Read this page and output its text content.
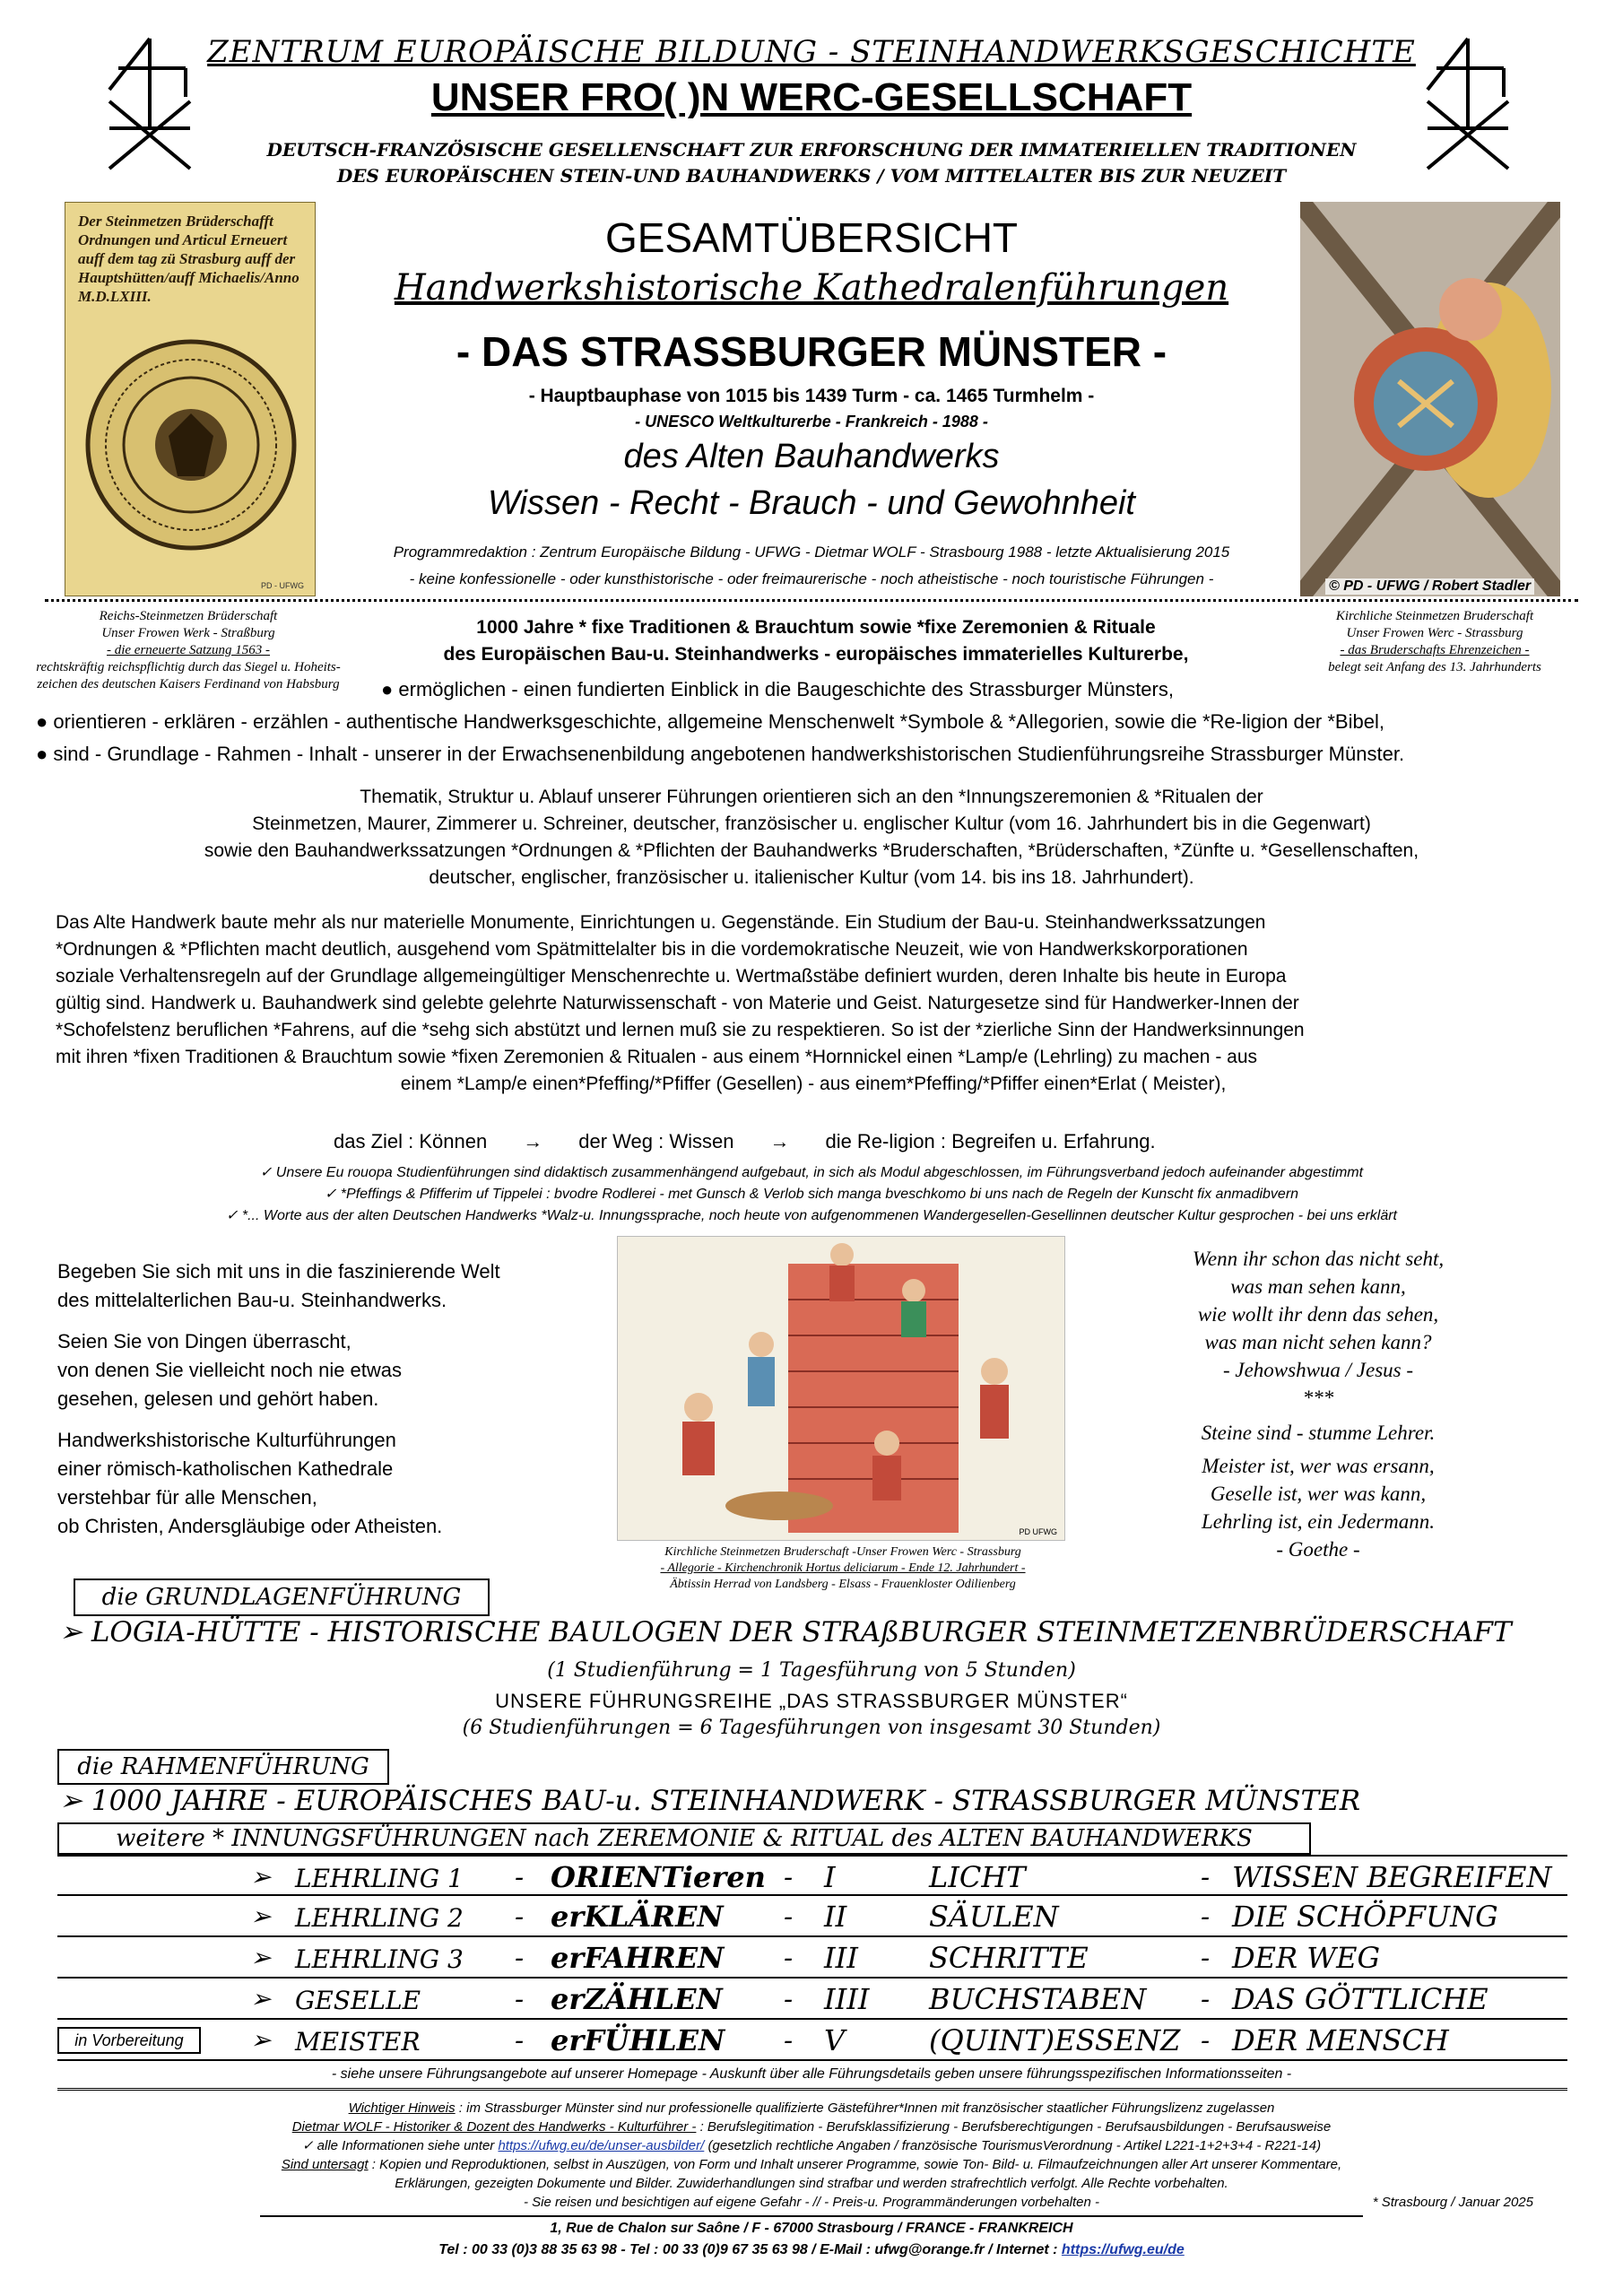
ZENTRUM EUROPÄISCHE BILDUNG - STEINHANDWERKSGESCHICHTE
UNSER FRO( )N WERC-GESELLSCHAFT
DEUTSCH-FRANZÖSISCHE GESELLENSCHAFT ZUR ERFORSCHUNG DER IMMATERIELLEN TRADITIONEN
DES EUROPÄISCHEN STEIN-UND BAUHANDWERKS / VOM MITTELALTER BIS ZUR NEUZEIT
Der Steinmetzen Brüderschafft Ordnungen und Articul Erneuert auff dem tag zü Strasburg auff der Hauptshütten/auff Michaelis/Anno M.D.LXIII.
PD - UFWG	© PD - UFWG / Robert Stadler
GESAMTÜBERSICHT
Handwerkshistorische Kathedralenführungen
- DAS STRASSBURGER MÜNSTER -
- Hauptbauphase von 1015 bis 1439 Turm - ca. 1465 Turmhelm -
- UNESCO Weltkulturerbe - Frankreich - 1988 -
des Alten Bauhandwerks
Wissen - Recht - Brauch - und Gewohnheit
Programmredaktion : Zentrum Europäische Bildung - UFWG - Dietmar WOLF - Strasbourg 1988 - letzte Aktualisierung 2015
- keine konfessionelle - oder kunsthistorische - oder freimaurerische - noch atheistische - noch touristische Führungen -
Reichs-Steinmetzen Brüderschaft
Unser Frowen Werk - Straßburg
- die erneuerte Satzung 1563 -
rechtskräftig reichspflichtig durch das Siegel u. Hoheits-
zeichen des deutschen Kaisers Ferdinand von Habsburg
Kirchliche Steinmetzen Bruderschaft
Unser Frowen Werc - Strassburg
- das Bruderschafts Ehrenzeichen -
belegt seit Anfang des 13. Jahrhunderts
1000 Jahre * fixe Traditionen & Brauchtum sowie *fixe Zeremonien & Rituale
des Europäischen Bau-u. Steinhandwerks - europäisches immaterielles Kulturerbe,
● ermöglichen - einen fundierten Einblick in die Baugeschichte des Strassburger Münsters,
● orientieren - erklären - erzählen - authentische Handwerksgeschichte, allgemeine Menschenwelt *Symbole & *Allegorien, sowie die *Re-ligion der *Bibel,
● sind - Grundlage - Rahmen - Inhalt - unserer in der Erwachsenenbildung angebotenen handwerkshistorischen Studienführungsreihe Strassburger Münster.
Thematik, Struktur u. Ablauf unserer Führungen orientieren sich an den *Innungszeremonien & *Ritualen der
Steinmetzen, Maurer, Zimmerer u. Schreiner, deutscher, französischer u. englischer Kultur (vom 16. Jahrhundert bis in die Gegenwart)
sowie den Bauhandwerkssatzungen *Ordnungen & *Pflichten der Bauhandwerks *Bruderschaften, *Brüderschaften, *Zünfte u. *Gesellenschaften,
deutscher, englischer, französischer u. italienischer Kultur (vom 14. bis ins 18. Jahrhundert).
Das Alte Handwerk baute mehr als nur materielle Monumente, Einrichtungen u. Gegenstände. Ein Studium der Bau-u. Steinhandwerkssatzungen
*Ordnungen & *Pflichten macht deutlich, ausgehend vom Spätmittelalter bis in die vordemokratische Neuzeit, wie von Handwerkskorporationen
soziale Verhaltensregeln auf der Grundlage allgemeingültiger Menschenrechte u. Wertmaßstäbe definiert wurden, deren Inhalte bis heute in Europa
gültig sind. Handwerk u. Bauhandwerk sind gelebte gelehrte Naturwissenschaft - von Materie und Geist. Naturgesetze sind für Handwerker-Innen der
*Schofelstenz beruflichen *Fahrens, auf die *sehg sich abstützt und lernen muß sie zu respektieren. So ist der *zierliche Sinn der Handwerksinnungen
mit ihren *fixen Traditionen & Brauchtum sowie *fixen Zeremonien & Ritualen - aus einem *Hornnickel einen *Lamp/e (Lehrling) zu machen - aus
einem *Lamp/e einen*Pfeffing/*Pfiffer (Gesellen) - aus einem*Pfeffing/*Pfiffer einen*Erlat ( Meister),
das Ziel : Können → der Weg : Wissen → die Re-ligion : Begreifen u. Erfahrung.
✓ Unsere Eu rouopa Studienführungen sind didaktisch zusammenhängend aufgebaut, in sich als Modul abgeschlossen, im Führungsverband jedoch aufeinander abgestimmt
✓ *Pfeffings & Pfifferim uf Tippelei : bvodre Rodlerei - met Gunsch & Verlob sich manga bveschkomo bi uns nach de Regeln der Kunscht fix anmadibvern
✓ *... Worte aus der alten Deutschen Handwerks *Walz-u. Innungssprache, noch heute von aufgenommenen Wandergesellen-Gesellinnen deutscher Kultur gesprochen - bei uns erklärt
Begeben Sie sich mit uns in die faszinierende Welt
des mittelalterlichen Bau-u. Steinhandwerks.
Seien Sie von Dingen überrascht,
von denen Sie vielleicht noch nie etwas
gesehen, gelesen und gehört haben.
Handwerkshistorische Kulturführungen
einer römisch-katholischen Kathedrale
verstehbar für alle Menschen,
ob Christen, Andersgläubige oder Atheisten.	PD UFWG
Kirchliche Steinmetzen Bruderschaft -Unser Frowen Werc - Strassburg
- Allegorie - Kirchenchronik Hortus deliciarum - Ende 12. Jahrhundert -
Äbtissin Herrad von Landsberg - Elsass - Frauenkloster Odilienberg
Wenn ihr schon das nicht seht,
was man sehen kann,
wie wollt ihr denn das sehen,
was man nicht sehen kann?
- Jehowshwua / Jesus -
***
Steine sind - stumme Lehrer.
Meister ist, wer was ersann,
Geselle ist, wer was kann,
Lehrling ist, ein Jedermann.
- Goethe -
die GRUNDLAGENFÜHRUNG
➢ LOGIA-HÜTTE - HISTORISCHE BAULOGEN DER STRAßBURGER STEINMETZENBRÜDERSCHAFT
(1 Studienführung = 1 Tagesführung von 5 Stunden)
UNSERE FÜHRUNGSREIHE „DAS STRASSBURGER MÜNSTER“
(6 Studienführungen = 6 Tagesführungen von insgesamt 30 Stunden)
die RAHMENFÜHRUNG
➢ 1000 JAHRE - EUROPÄISCHES BAU-u. STEINHANDWERK - STRASSBURGER MÜNSTER
weitere * INNUNGSFÜHRUNGEN nach ZEREMONIE & RITUAL des ALTEN BAUHANDWERKS
➢ LEHRLING 1 - ORIENTieren - I	LICHT	- WISSEN BEGREIFEN
➢ LEHRLING 2 - erKLÄREN - II	SÄULEN	- DIE SCHÖPFUNG
➢ LEHRLING 3 - erFAHREN - III SCHRITTE	- DER WEG
➢ GESELLE	- erZÄHLEN - IIII BUCHSTABEN - DAS GÖTTLICHE
in Vorbereitung	➢ MEISTER	- erFÜHLEN - V	(QUINT)ESSENZ - DER MENSCH
- siehe unsere Führungsangebote auf unserer Homepage - Auskunft über alle Führungsdetails geben unsere führungsspezifischen Informationsseiten -
Wichtiger Hinweis : im Strassburger Münster sind nur professionelle qualifizierte Gästeführer*Innen mit französischer staatlicher Führungslizenz zugelassen
Dietmar WOLF - Historiker & Dozent des Handwerks - Kulturführer - : Berufslegitimation - Berufsklassifizierung - Berufsberechtigungen - Berufsausbildungen - Berufsausweise
✓ alle Informationen siehe unter https://ufwg.eu/de/unser-ausbilder/ (gesetzlich rechtliche Angaben / französische TourismusVerordnung - Artikel L221-1+2+3+4 - R221-14)
Sind untersagt : Kopien und Reproduktionen, selbst in Auszügen, von Form und Inhalt unserer Programme, sowie Ton- Bild- u. Filmaufzeichnungen aller Art unserer Kommentare,
Erklärungen, gezeigten Dokumente und Bilder. Zuwiderhandlungen sind strafbar und werden strafrechtlich verfolgt. Alle Rechte vorbehalten.
- Sie reisen und besichtigen auf eigene Gefahr - // - Preis-u. Programmänderungen vorbehalten -	* Strasbourg / Januar 2025
1, Rue de Chalon sur Saône / F - 67000 Strasbourg / FRANCE - FRANKREICH
Tel : 00 33 (0)3 88 35 63 98 - Tel : 00 33 (0)9 67 35 63 98 / E-Mail : ufwg@orange.fr / Internet : https://ufwg.eu/de
